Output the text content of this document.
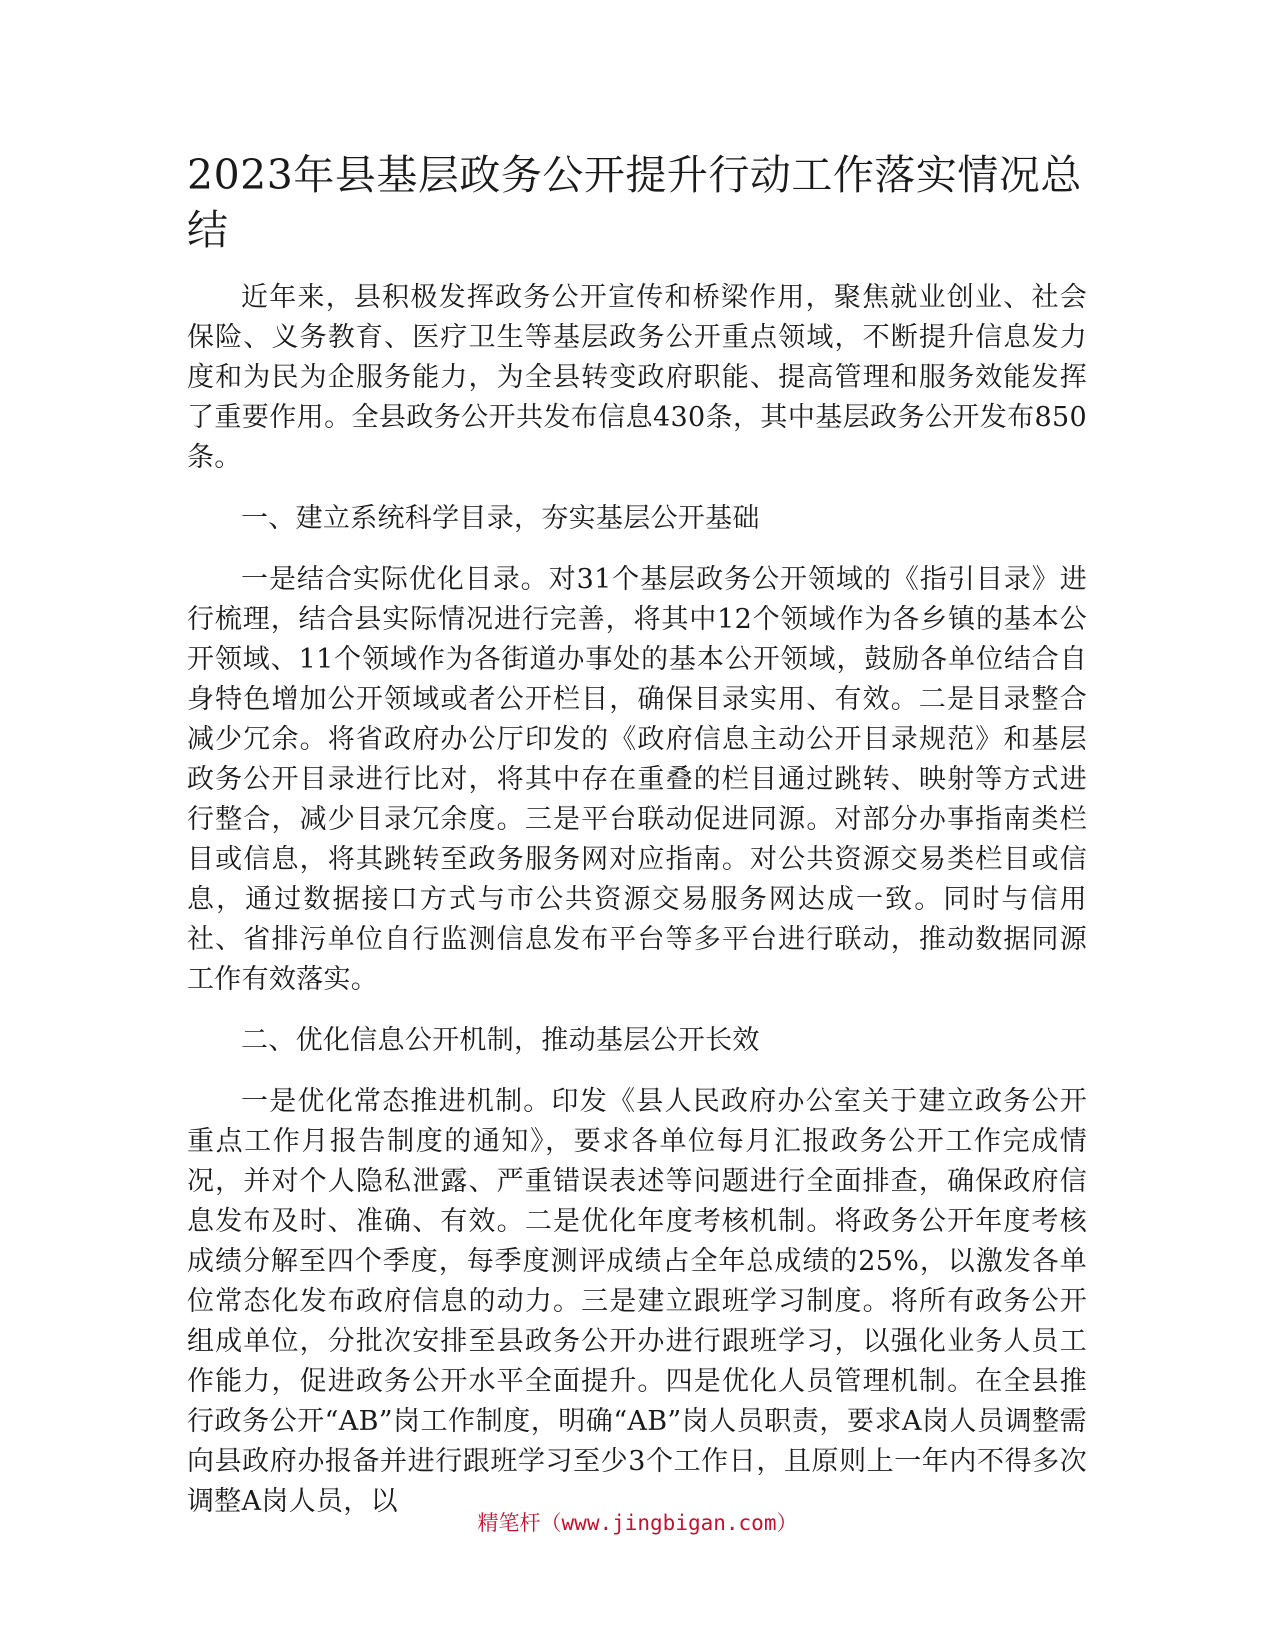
2023年县基层政务公开提升行动工作落实情况总结

近年来，县积极发挥政务公开宣传和桥梁作用，聚焦就业创业、社会保险、义务教育、医疗卫生等基层政务公开重点领域，不断提升信息发力度和为民为企服务能力，为全县转变政府职能、提高管理和服务效能发挥了重要作用。全县政务公开共发布信息430条，其中基层政务公开发布850条。

一、建立系统科学目录，夯实基层公开基础

一是结合实际优化目录。对31个基层政务公开领域的《指引目录》进行梳理，结合县实际情况进行完善，将其中12个领域作为各乡镇的基本公开领域、11个领域作为各街道办事处的基本公开领域，鼓励各单位结合自身特色增加公开领域或者公开栏目，确保目录实用、有效。二是目录整合减少冗余。将省政府办公厅印发的《政府信息主动公开目录规范》和基层政务公开目录进行比对，将其中存在重叠的栏目通过跳转、映射等方式进行整合，减少目录冗余度。三是平台联动促进同源。对部分办事指南类栏目或信息，将其跳转至政务服务网对应指南。对公共资源交易类栏目或信息，通过数据接口方式与市公共资源交易服务网达成一致。同时与信用社、省排污单位自行监测信息发布平台等多平台进行联动，推动数据同源工作有效落实。

二、优化信息公开机制，推动基层公开长效

一是优化常态推进机制。印发《县人民政府办公室关于建立政务公开重点工作月报告制度的通知》，要求各单位每月汇报政务公开工作完成情况，并对个人隐私泄露、严重错误表述等问题进行全面排查，确保政府信息发布及时、准确、有效。二是优化年度考核机制。将政务公开年度考核成绩分解至四个季度，每季度测评成绩占全年总成绩的25%，以激发各单位常态化发布政府信息的动力。三是建立跟班学习制度。将所有政务公开组成单位，分批次安排至县政务公开办进行跟班学习，以强化业务人员工作能力，促进政务公开水平全面提升。四是优化人员管理机制。在全县推行政务公开“AB”岗工作制度，明确“AB”岗人员职责，要求A岗人员调整需向县政府办报备并进行跟班学习至少3个工作日，且原则上一年内不得多次调整A岗人员，以

精笔杆（www.jingbigan.com）
